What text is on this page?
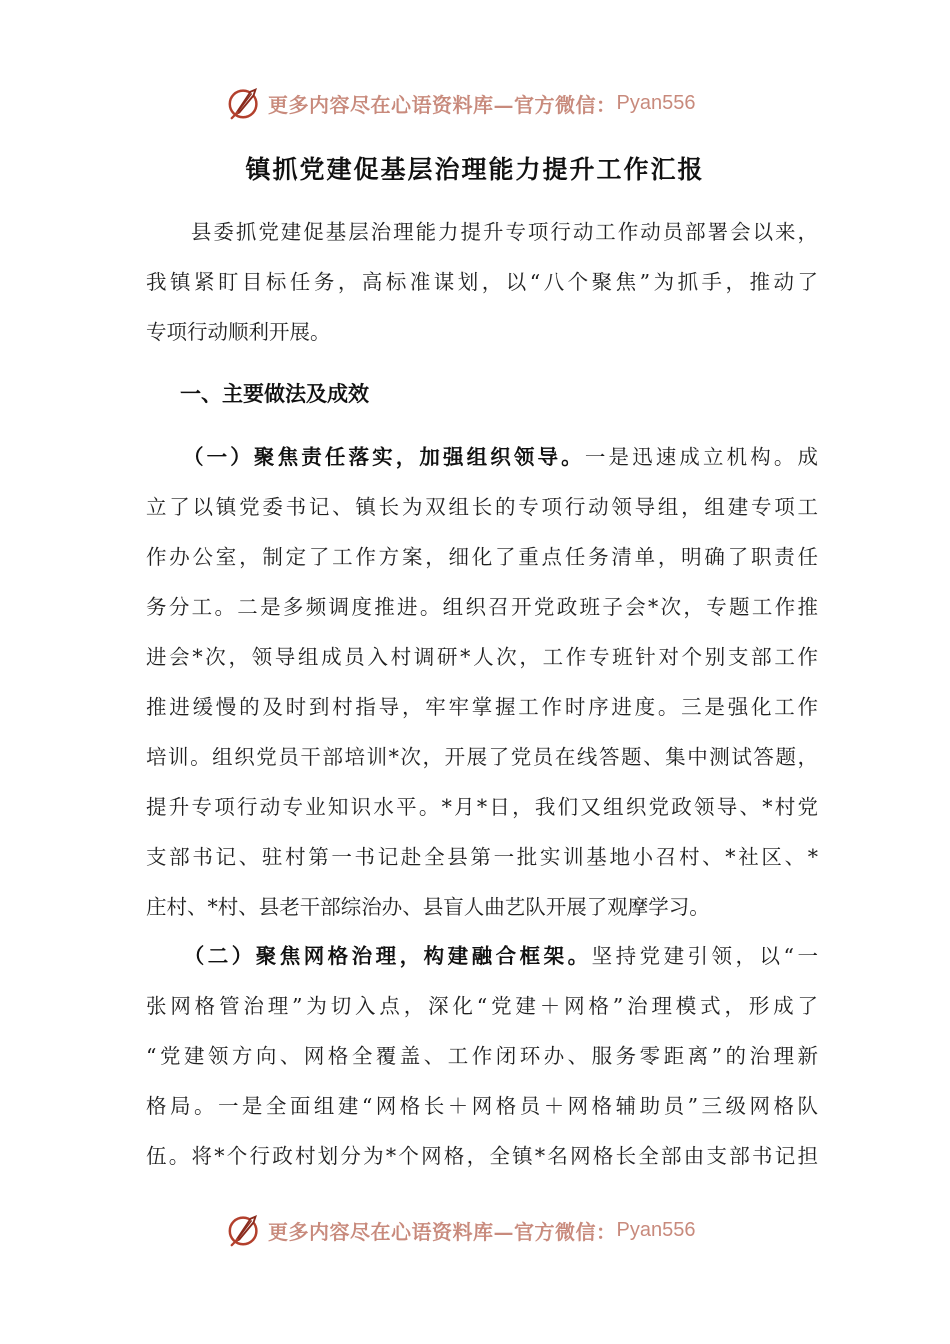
更多内容尽在心语资料库—官方微信： Pyan556
镇抓党建促基层治理能力提升工作汇报
　　县委抓党建促基层治理能力提升专项行动工作动员部署会以来，
我镇紧盯目标任务，高标准谋划，以“八个聚焦”为抓手，推动了
专项行动顺利开展。
一、主要做法及成效
　　（一）聚焦责任落实，加强组织领导。一是迅速成立机构。成
立了以镇党委书记、镇长为双组长的专项行动领导组，组建专项工
作办公室，制定了工作方案，细化了重点任务清单，明确了职责任
务分工。二是多频调度推进。组织召开党政班子会*次，专题工作推
进会*次，领导组成员入村调研*人次，工作专班针对个别支部工作
推进缓慢的及时到村指导，牢牢掌握工作时序进度。三是强化工作
培训。组织党员干部培训*次，开展了党员在线答题、集中测试答题，
提升专项行动专业知识水平。*月*日，我们又组织党政领导、*村党
支部书记、驻村第一书记赴全县第一批实训基地小召村、*社区、*
庄村、*村、县老干部综治办、县盲人曲艺队开展了观摩学习。
　　（二）聚焦网格治理，构建融合框架。坚持党建引领，以“一
张网格管治理”为切入点，深化“党建＋网格”治理模式，形成了
“党建领方向、网格全覆盖、工作闭环办、服务零距离”的治理新
格局。一是全面组建“网格长＋网格员＋网格辅助员”三级网格队
伍。将*个行政村划分为*个网格，全镇*名网格长全部由支部书记担
更多内容尽在心语资料库—官方微信： Pyan556
